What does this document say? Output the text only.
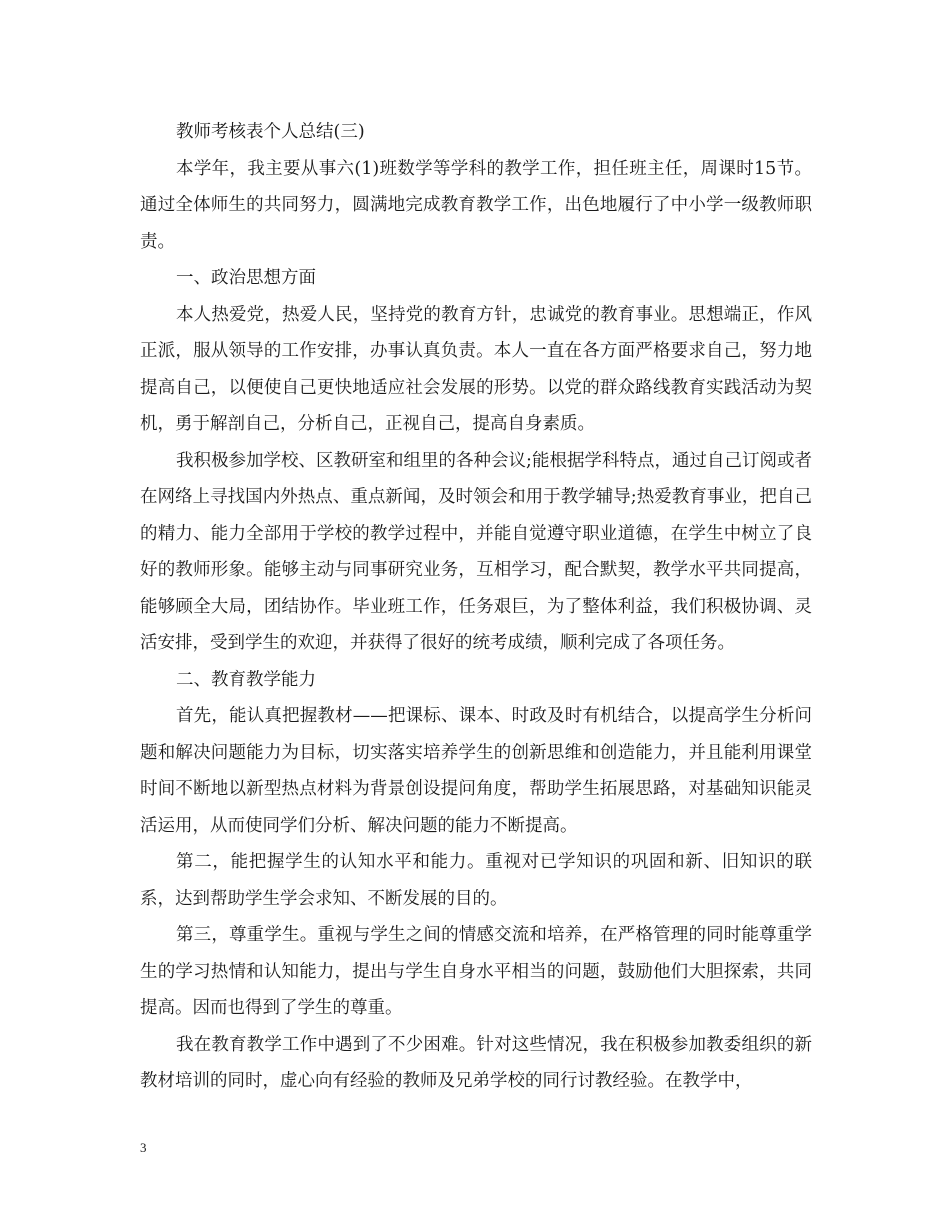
教师考核表个人总结(三)

本学年，我主要从事六(1)班数学等学科的教学工作，担任班主任，周课时15节。通过全体师生的共同努力，圆满地完成教育教学工作，出色地履行了中小学一级教师职责。

一、政治思想方面

本人热爱党，热爱人民，坚持党的教育方针，忠诚党的教育事业。思想端正，作风正派，服从领导的工作安排，办事认真负责。本人一直在各方面严格要求自己，努力地提高自己，以便使自己更快地适应社会发展的形势。以党的群众路线教育实践活动为契机，勇于解剖自己，分析自己，正视自己，提高自身素质。

我积极参加学校、区教研室和组里的各种会议;能根据学科特点，通过自己订阅或者在网络上寻找国内外热点、重点新闻，及时领会和用于教学辅导;热爱教育事业，把自己的精力、能力全部用于学校的教学过程中，并能自觉遵守职业道德，在学生中树立了良好的教师形象。能够主动与同事研究业务，互相学习，配合默契，教学水平共同提高，能够顾全大局，团结协作。毕业班工作，任务艰巨，为了整体利益，我们积极协调、灵活安排，受到学生的欢迎，并获得了很好的统考成绩，顺利完成了各项任务。

二、教育教学能力

首先，能认真把握教材——把课标、课本、时政及时有机结合，以提高学生分析问题和解决问题能力为目标，切实落实培养学生的创新思维和创造能力，并且能利用课堂时间不断地以新型热点材料为背景创设提问角度，帮助学生拓展思路，对基础知识能灵活运用，从而使同学们分析、解决问题的能力不断提高。

第二，能把握学生的认知水平和能力。重视对已学知识的巩固和新、旧知识的联系，达到帮助学生学会求知、不断发展的目的。

第三，尊重学生。重视与学生之间的情感交流和培养，在严格管理的同时能尊重学生的学习热情和认知能力，提出与学生自身水平相当的问题，鼓励他们大胆探索，共同提高。因而也得到了学生的尊重。

我在教育教学工作中遇到了不少困难。针对这些情况，我在积极参加教委组织的新教材培训的同时，虚心向有经验的教师及兄弟学校的同行讨教经验。在教学中，

3
